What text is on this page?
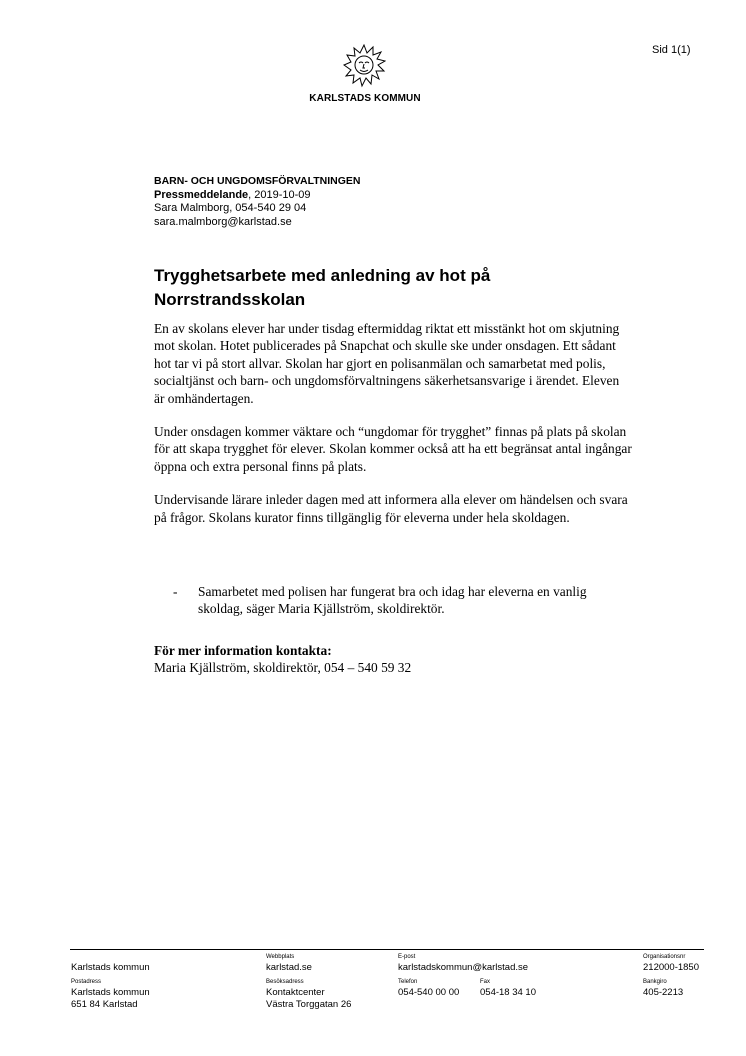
Sid 1(1)
KARLSTADS KOMMUN
BARN- OCH UNGDOMSFÖRVALTNINGEN
Pressmeddelande, 2019-10-09
Sara Malmborg, 054-540 29 04
sara.malmborg@karlstad.se
Trygghetsarbete med anledning av hot på Norrstrandsskolan

En av skolans elever har under tisdag eftermiddag riktat ett misstänkt hot om skjutning mot skolan. Hotet publicerades på Snapchat och skulle ske under onsdagen. Ett sådant hot tar vi på stort allvar. Skolan har gjort en polisanmälan och samarbetat med polis, socialtjänst och barn- och ungdomsförvaltningens säkerhetsansvarige i ärendet. Eleven är omhändertagen.

Under onsdagen kommer väktare och “ungdomar för trygghet” finnas på plats på skolan för att skapa trygghet för elever. Skolan kommer också att ha ett begränsat antal ingångar öppna och extra personal finns på plats.

Undervisande lärare inleder dagen med att informera alla elever om händelsen och svara på frågor. Skolans kurator finns tillgänglig för eleverna under hela skoldagen.

- Samarbetet med polisen har fungerat bra och idag har eleverna en vanlig skoldag, säger Maria Kjällström, skoldirektör.
För mer information kontakta:
Maria Kjällström, skoldirektör, 054 – 540 59 32
Karlstads kommun
Webbplats
karlstad.se
E-post
karlstadskommun@karlstad.se
Organisationsnr
212000-1850
Postadress
Karlstads kommun
651 84 Karlstad
Besöksadress
Kontaktcenter
Västra Torggatan 26
Telefon
054-540 00 00
Fax
054-18 34 10
Bankgiro
405-2213
